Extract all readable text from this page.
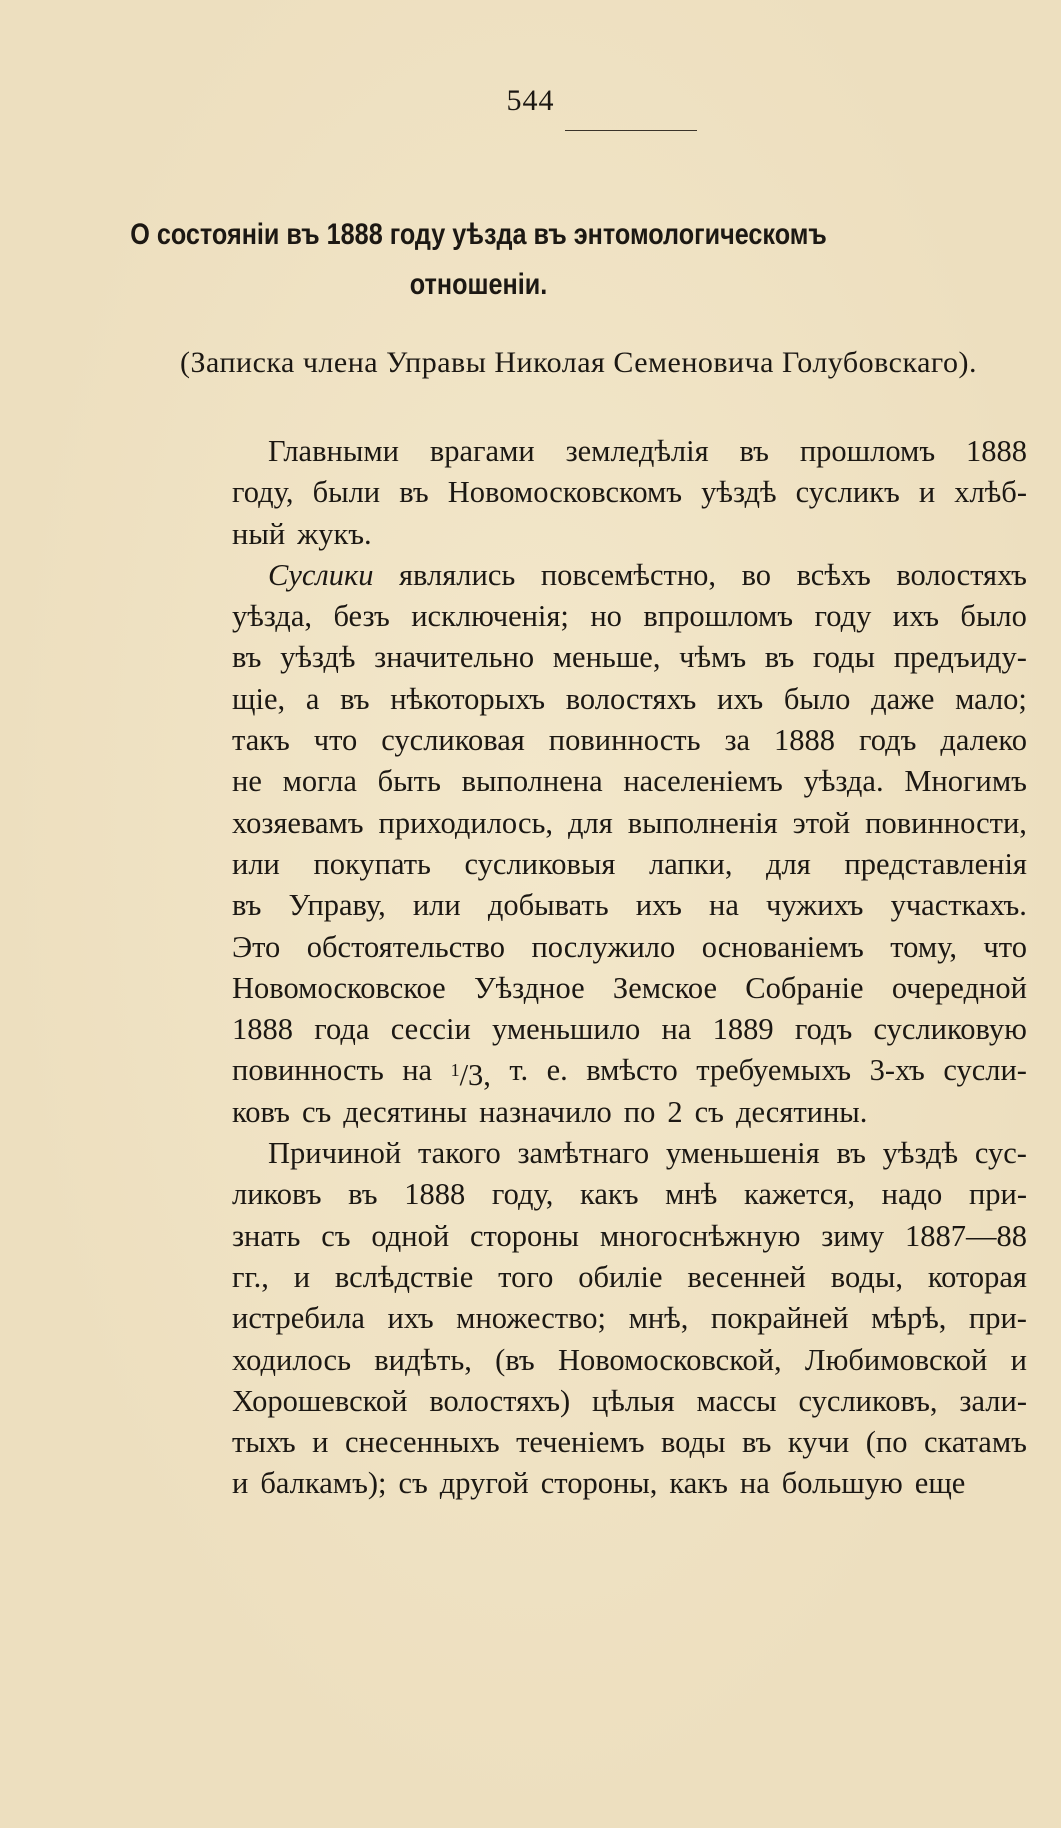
544
О состоянiи въ 1888 году уѣзда въ энтомологическомъ
отношенiи.
(Записка члена Управы Николая Семеновича Голубовскаго).
Главными врагами земледѣлiя въ прошломъ 1888
году, были въ Новомосковскомъ уѣздѣ сусликъ и хлѣб-
ный жукъ.
Суслики являлись повсемѣстно, во всѣхъ волостяхъ
уѣзда, безъ исключенiя; но впрошломъ году ихъ было
въ уѣздѣ значительно меньше, чѣмъ въ годы предъиду-
щiе, а въ нѣкоторыхъ волостяхъ ихъ было даже мало;
такъ что сусликовая повинность за 1888 годъ далеко
не могла быть выполнена населенiемъ уѣзда. Многимъ
хозяевамъ приходилось, для выполненiя этой повинности,
или покупать сусликовыя лапки, для представленiя
въ Управу, или добывать ихъ на чужихъ участкахъ.
Это обстоятельство послужило основанiемъ тому, что
Новомосковское Уѣздное Земское Собранiе очередной
1888 года сессiи уменьшило на 1889 годъ сусликовую
повинность на $^1$/3, т. е. вмѣсто требуемыхъ 3-хъ сусли-
ковъ съ десятины назначило по 2 съ десятины.
Причиной такого замѣтнаго уменьшенiя въ уѣздѣ сус-
ликовъ въ 1888 году, какъ мнѣ кажется, надо при-
знать съ одной стороны многоснѣжную зиму 1887—88
гг., и вслѣдствiе того обилiе весенней воды, которая
истребила ихъ множество; мнѣ, покрайней мѣрѣ, при-
ходилось видѣть, (въ Новомосковской, Любимовской и
Хорошевской волостяхъ) цѣлыя массы сусликовъ, зали-
тыхъ и снесенныхъ теченiемъ воды въ кучи (по скатамъ
и балкамъ); съ другой стороны, какъ на большую еще
